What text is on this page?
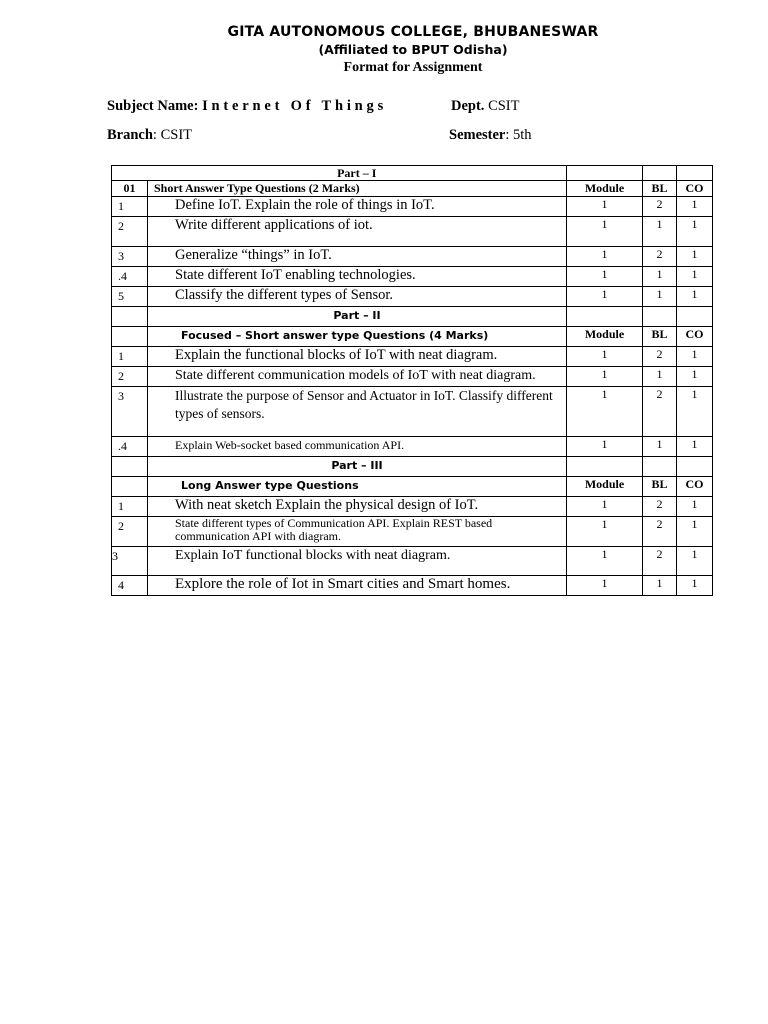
GITA AUTONOMOUS COLLEGE, BHUBANESWAR
(Affiliated to BPUT Odisha)
Format for Assignment
Subject Name: Internet Of Things	Dept. CSIT
Branch: CSIT	Semester: 5th
	Part – I			
01	Short Answer Type Questions (2 Marks)	Module	BL	CO
1	Define IoT. Explain the role of things in IoT.	1	2	1
2	Write different applications of iot.	1	1	1
3	Generalize “things” in IoT.	1	2	1
.4	State different IoT enabling technologies.	1	1	1
5	Classify the different types of Sensor.	1	1	1
	Part – II			
	Focused – Short answer type Questions (4 Marks)	Module	BL	CO
1	Explain the functional blocks of IoT with neat diagram.	1	2	1
2	State different communication models of IoT with neat diagram.	1	1	1
3	Illustrate the purpose of Sensor and Actuator in IoT. Classify different types of sensors.	1	2	1
.4	Explain Web-socket based communication API.	1	1	1
	Part – III			
	Long Answer type Questions	Module	BL	CO
1	With neat sketch Explain the physical design of IoT.	1	2	1
2	State different types of Communication API. Explain REST based communication API with diagram.	1	2	1
3	Explain IoT functional blocks with neat diagram.	1	2	1
4	Explore the role of Iot in Smart cities and Smart homes.	1	1	1
